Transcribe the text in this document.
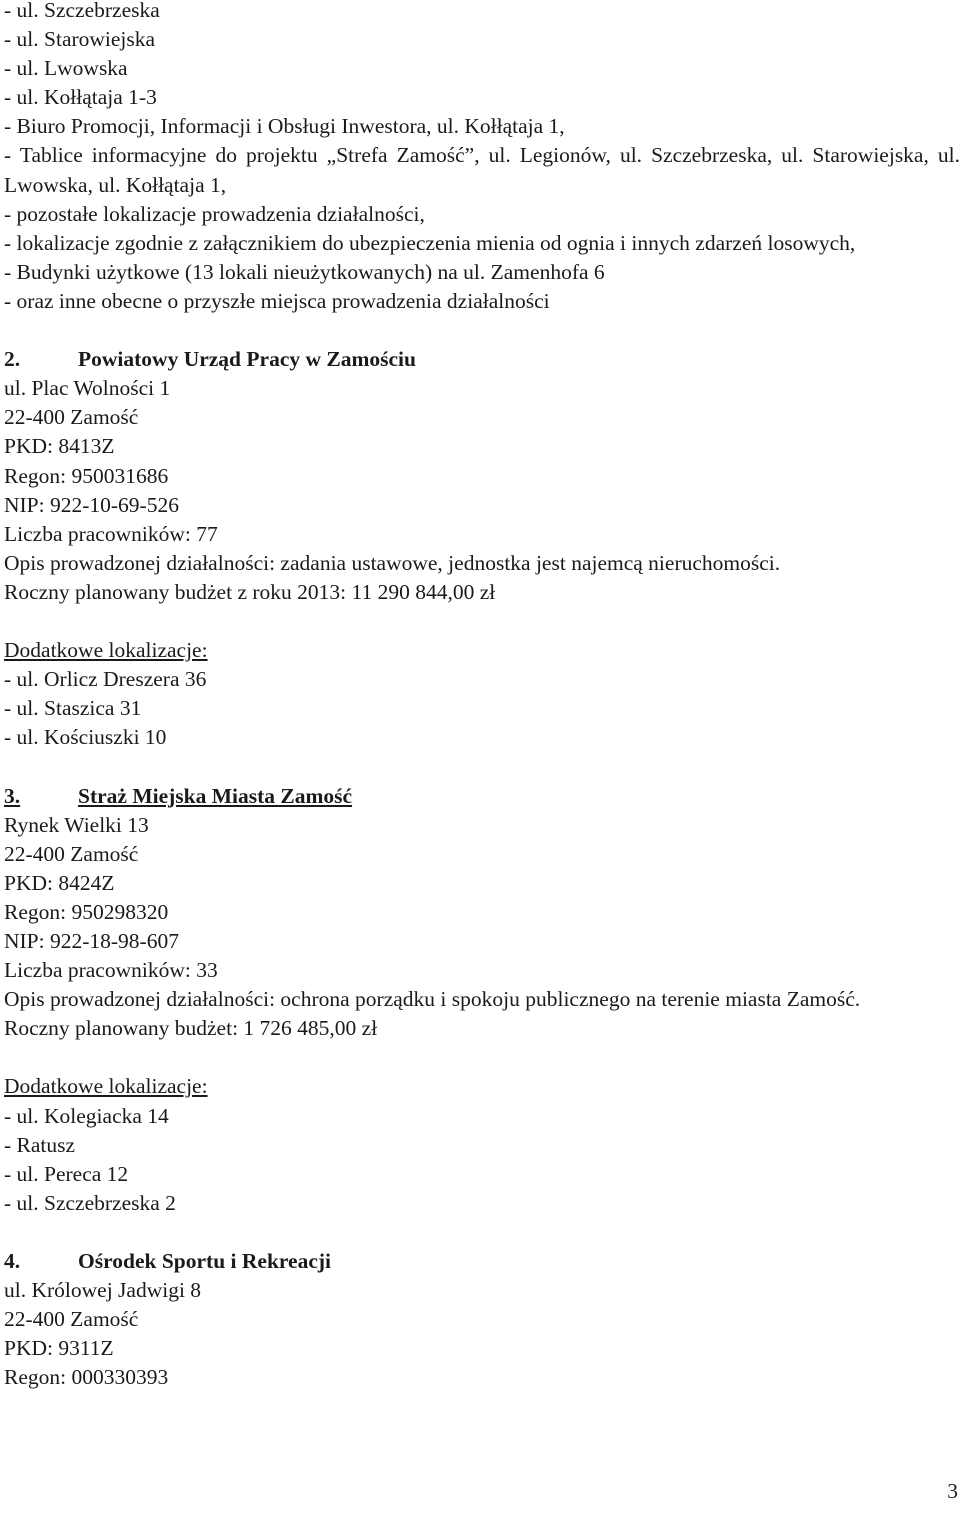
- ul. Szczebrzeska
- ul. Starowiejska
- ul. Lwowska
- ul. Kołłątaja 1-3
- Biuro Promocji, Informacji i Obsługi Inwestora, ul. Kołłątaja 1,
- Tablice informacyjne do projektu „Strefa Zamość”, ul. Legionów, ul. Szczebrzeska, ul. Starowiejska, ul. Lwowska, ul. Kołłątaja 1,
- pozostałe lokalizacje prowadzenia działalności,
- lokalizacje zgodnie z załącznikiem do ubezpieczenia mienia od ognia i innych zdarzeń losowych,
- Budynki użytkowe (13 lokali nieużytkowanych) na ul. Zamenhofa 6
- oraz inne obecne o przyszłe miejsca prowadzenia działalności
2.	Powiatowy Urząd Pracy w Zamościu
ul. Plac Wolności 1
22-400 Zamość
PKD: 8413Z
Regon: 950031686
NIP: 922-10-69-526
Liczba pracowników: 77
Opis prowadzonej działalności: zadania ustawowe, jednostka jest najemcą nieruchomości.
Roczny planowany budżet z roku 2013: 11 290 844,00 zł
Dodatkowe lokalizacje:
- ul. Orlicz Dreszera 36
- ul. Staszica 31
- ul. Kościuszki 10
3.	Straż Miejska Miasta Zamość
Rynek Wielki 13
22-400 Zamość
PKD: 8424Z
Regon: 950298320
NIP: 922-18-98-607
Liczba pracowników: 33
Opis prowadzonej działalności: ochrona porządku i spokoju publicznego na terenie miasta Zamość.
Roczny planowany budżet: 1 726 485,00 zł
Dodatkowe lokalizacje:
- ul. Kolegiacka 14
- Ratusz
- ul. Pereca 12
- ul. Szczebrzeska 2
4.	Ośrodek Sportu i Rekreacji
ul. Królowej Jadwigi 8
22-400 Zamość
PKD: 9311Z
Regon: 000330393
3
